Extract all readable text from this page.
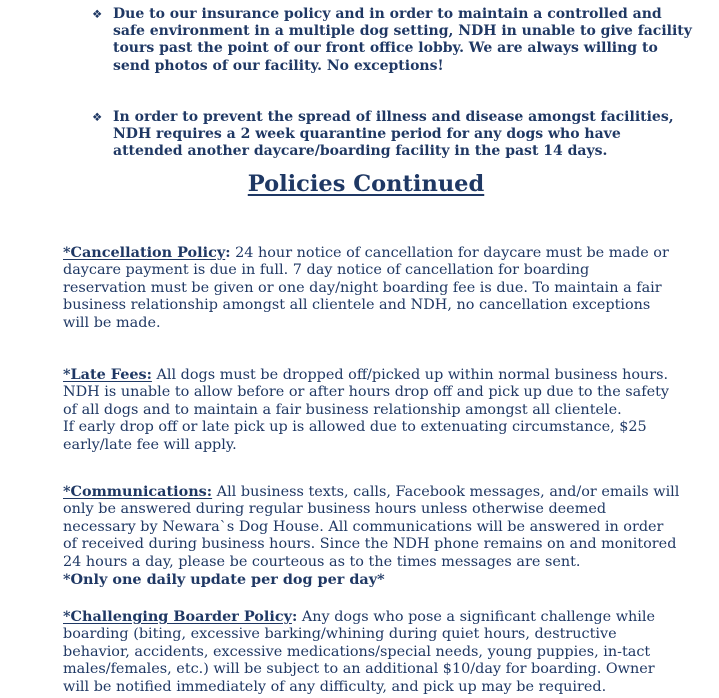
❖ Due to our insurance policy and in order to maintain a controlled and
safe environment in a multiple dog setting, NDH in unable to give facility
tours past the point of our front office lobby. We are always willing to
send photos of our facility. No exceptions!
❖ In order to prevent the spread of illness and disease amongst facilities,
NDH requires a 2 week quarantine period for any dogs who have
attended another daycare/boarding facility in the past 14 days.
Policies Continued
*Cancellation Policy: 24 hour notice of cancellation for daycare must be made or
daycare payment is due in full. 7 day notice of cancellation for boarding
reservation must be given or one day/night boarding fee is due. To maintain a fair
business relationship amongst all clientele and NDH, no cancellation exceptions
will be made.
*Late Fees: All dogs must be dropped off/picked up within normal business hours.
NDH is unable to allow before or after hours drop off and pick up due to the safety
of all dogs and to maintain a fair business relationship amongst all clientele.
If early drop off or late pick up is allowed due to extenuating circumstance, $25
early/late fee will apply.
*Communications: All business texts, calls, Facebook messages, and/or emails will
only be answered during regular business hours unless otherwise deemed
necessary by Newara`s Dog House. All communications will be answered in order
of received during business hours. Since the NDH phone remains on and monitored
24 hours a day, please be courteous as to the times messages are sent.
*Only one daily update per dog per day*
*Challenging Boarder Policy: Any dogs who pose a significant challenge while
boarding (biting, excessive barking/whining during quiet hours, destructive
behavior, accidents, excessive medications/special needs, young puppies, in-tact
males/females, etc.) will be subject to an additional $10/day for boarding. Owner
will be notified immediately of any difficulty, and pick up may be required.
